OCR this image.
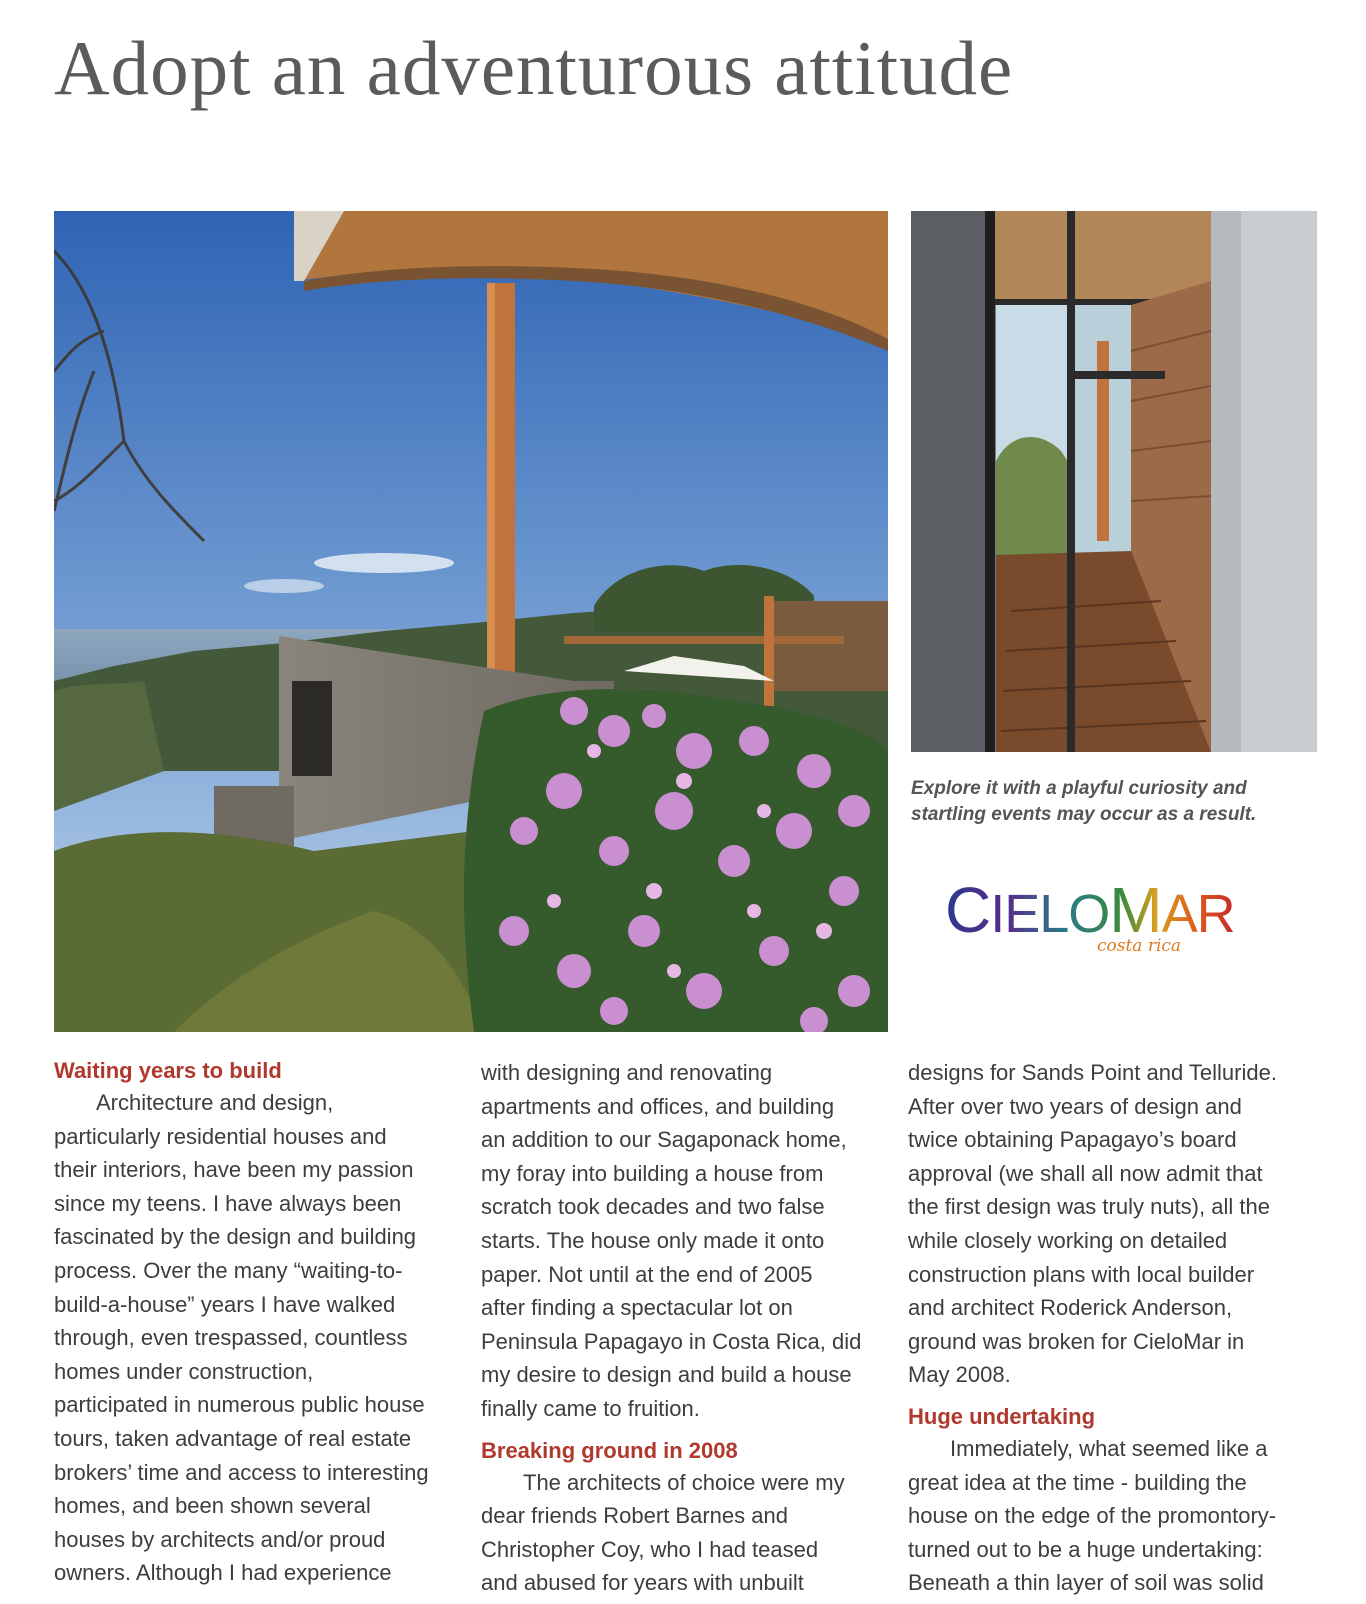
Adopt an adventurous attitude

Explore it with a playful curiosity and
startling events may occur as a result.

CIELOMAR
costa rica

Waiting years to build

Architecture and design,
particularly residential houses and
their interiors, have been my passion
since my teens. I have always been
fascinated by the design and building
process. Over the many “waiting-to-
build-a-house” years I have walked
through, even trespassed, countless
homes under construction,
participated in numerous public house
tours, taken advantage of real estate
brokers’ time and access to interesting
homes, and been shown several
houses by architects and/or proud
owners. Although I had experience

with designing and renovating
apartments and offices, and building
an addition to our Sagaponack home,
my foray into building a house from
scratch took decades and two false
starts. The house only made it onto
paper. Not until at the end of 2005
after finding a spectacular lot on
Peninsula Papagayo in Costa Rica, did
my desire to design and build a house
finally came to fruition.

Breaking ground in 2008

The architects of choice were my
dear friends Robert Barnes and
Christopher Coy, who I had teased
and abused for years with unbuilt

designs for Sands Point and Telluride.
After over two years of design and
twice obtaining Papagayo’s board
approval (we shall all now admit that
the first design was truly nuts), all the
while closely working on detailed
construction plans with local builder
and architect Roderick Anderson,
ground was broken for CieloMar in
May 2008.

Huge undertaking

Immediately, what seemed like a
great idea at the time - building the
house on the edge of the promontory-
turned out to be a huge undertaking:
Beneath a thin layer of soil was solid
